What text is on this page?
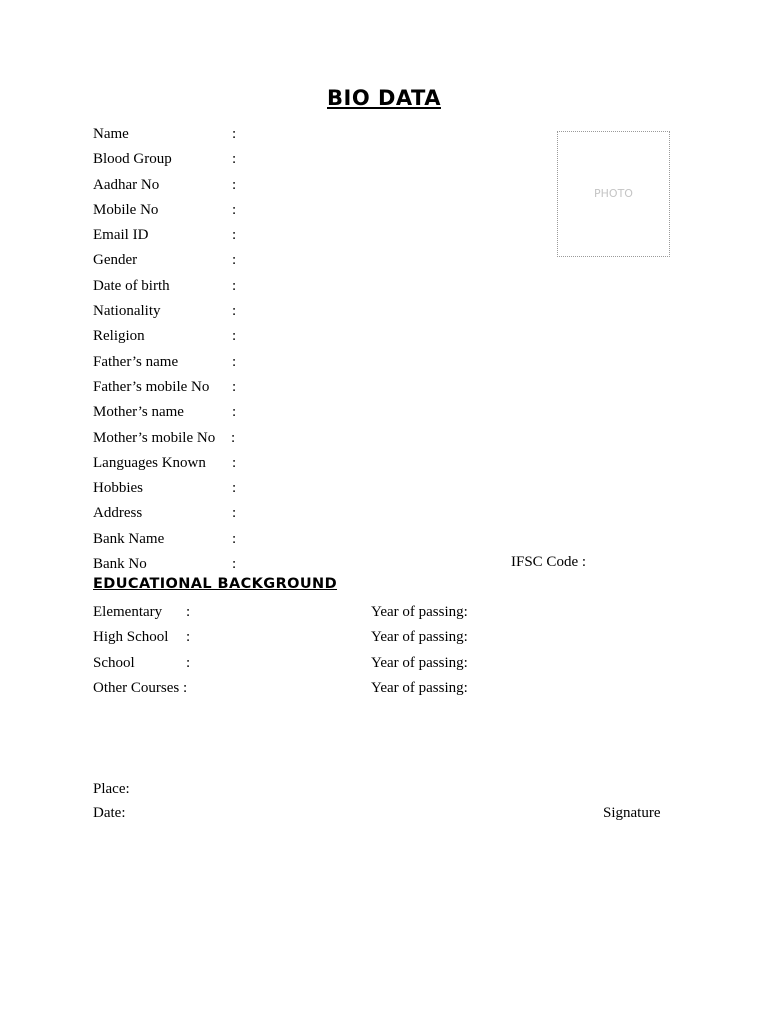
BIO DATA
PHOTO
Name	:
Blood Group	:
Aadhar No	:
Mobile No	:
Email ID	:
Gender	:
Date of birth	:
Nationality	:
Religion	:
Father’s name	:
Father’s mobile No :
Mother’s name	:
Mother’s mobile No :
Languages Known :
Hobbies	:
Address	:
Bank Name	:
Bank No	:	IFSC Code :
EDUCATIONAL BACKGROUND
Elementary :	Year of passing:
High School :	Year of passing:
School	:	Year of passing:
Other Courses :	Year of passing:
Place:
Date:	Signature
